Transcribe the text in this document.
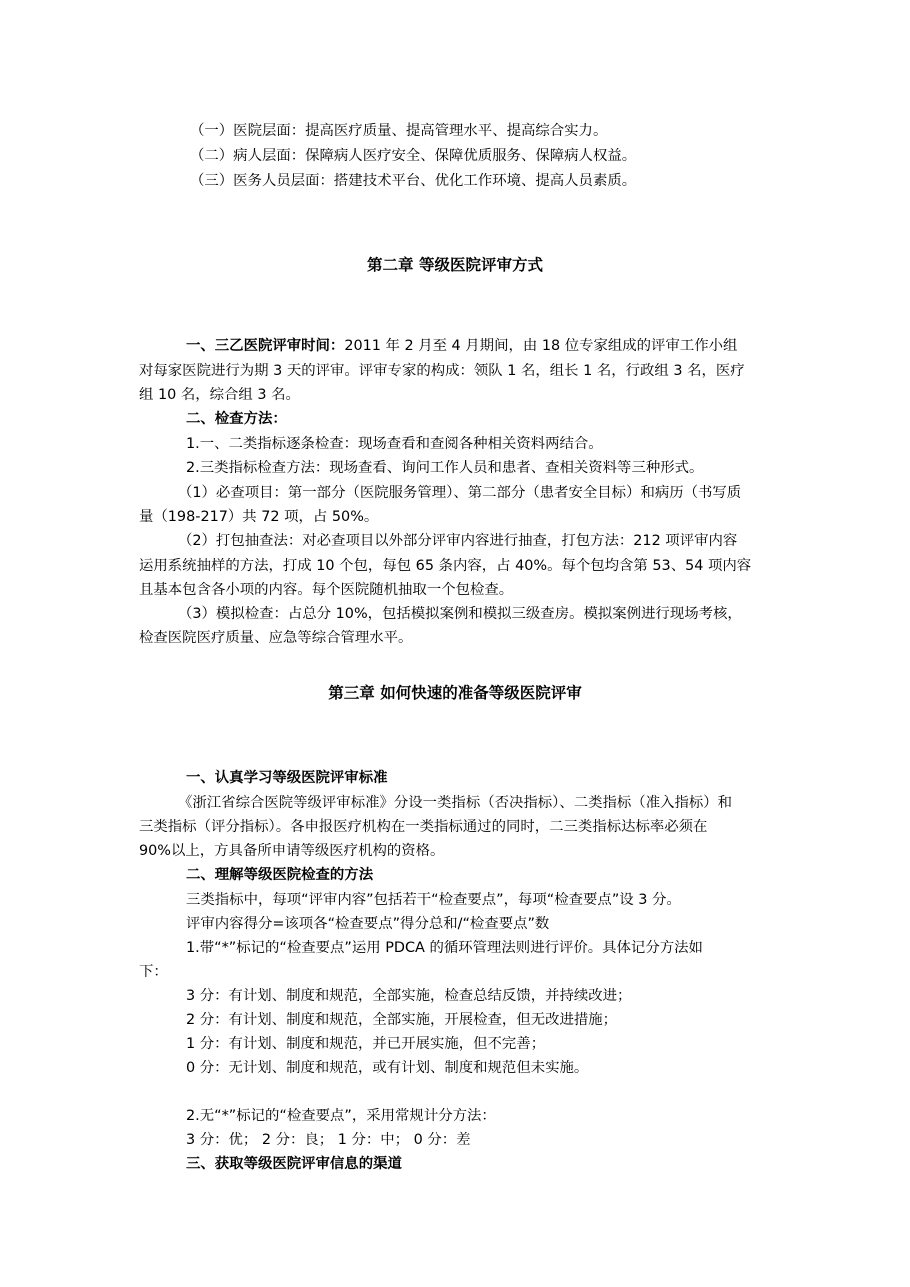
（一）医院层面：提高医疗质量、提高管理水平、提高综合实力。
（二）病人层面：保障病人医疗安全、保障优质服务、保障病人权益。
（三）医务人员层面：搭建技术平台、优化工作环境、提高人员素质。
第二章 等级医院评审方式
一、三乙医院评审时间：2011 年 2 月至 4 月期间，由 18 位专家组成的评审工作小组
对每家医院进行为期 3 天的评审。评审专家的构成：领队 1 名，组长 1 名，行政组 3 名，医疗
组 10 名，综合组 3 名。
二、检查方法：
1.一、二类指标逐条检查：现场查看和查阅各种相关资料两结合。
2.三类指标检查方法：现场查看、询问工作人员和患者、查相关资料等三种形式。
（1）必查项目：第一部分（医院服务管理）、第二部分（患者安全目标）和病历（书写质
量（198-217）共 72 项，占 50%。
（2）打包抽查法：对必查项目以外部分评审内容进行抽查，打包方法：212 项评审内容
运用系统抽样的方法，打成 10 个包，每包 65 条内容，占 40%。每个包均含第 53、54 项内容
且基本包含各小项的内容。每个医院随机抽取一个包检查。
（3）模拟检查：占总分 10%，包括模拟案例和模拟三级查房。模拟案例进行现场考核，
检查医院医疗质量、应急等综合管理水平。
第三章 如何快速的准备等级医院评审
一、认真学习等级医院评审标准
《浙江省综合医院等级评审标准》分设一类指标（否决指标）、二类指标（准入指标）和
三类指标（评分指标）。各申报医疗机构在一类指标通过的同时，二三类指标达标率必须在
90%以上，方具备所申请等级医疗机构的资格。
二、理解等级医院检查的方法
三类指标中，每项“评审内容”包括若干“检查要点”，每项“检查要点”设 3 分。
评审内容得分=该项各“检查要点”得分总和/“检查要点”数
1.带“*”标记的“检查要点”运用 PDCA 的循环管理法则进行评价。具体记分方法如
下：
3 分：有计划、制度和规范，全部实施，检查总结反馈，并持续改进；
2 分：有计划、制度和规范，全部实施，开展检查，但无改进措施；
1 分：有计划、制度和规范，并已开展实施，但不完善；
0 分：无计划、制度和规范，或有计划、制度和规范但未实施。
2.无“*”标记的“检查要点”，采用常规计分方法：
3 分：优； 2 分：良； 1 分：中； 0 分：差
三、获取等级医院评审信息的渠道
